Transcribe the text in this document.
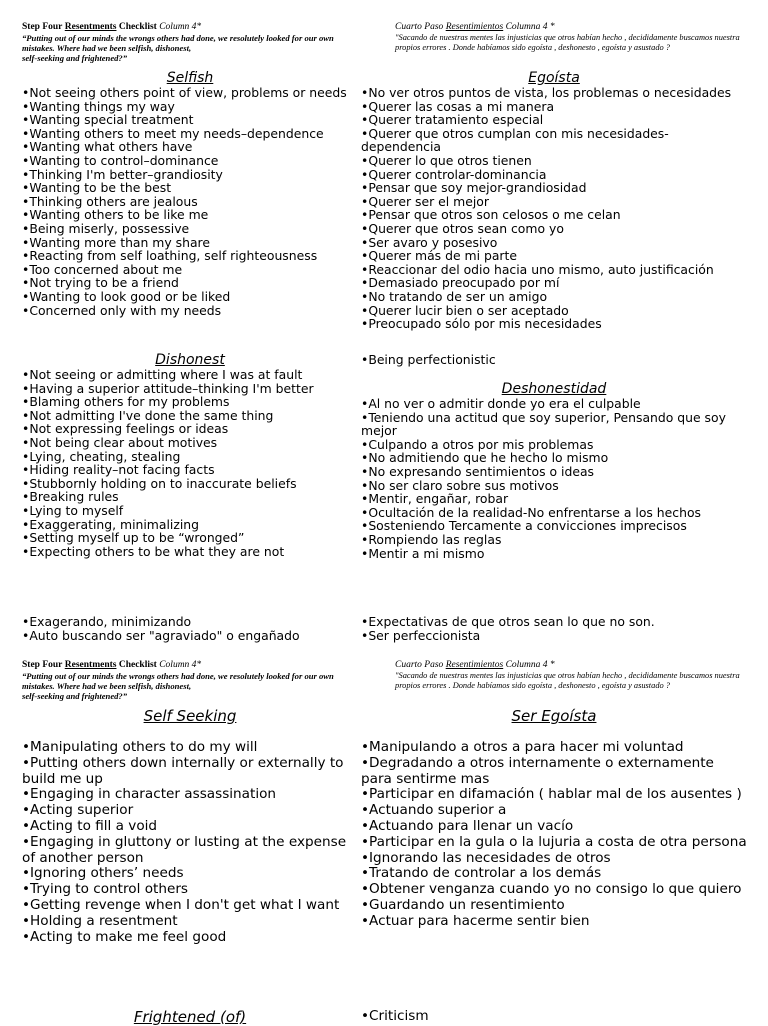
Step Four Resentments Checklist Column 4*
“Putting out of our minds the wrongs others had done, we resolutely looked for our own mistakes. Where had we been selfish, dishonest,
self-seeking and frightened?”
Cuarto Paso Resentimientos Columna 4 *
"Sacando de nuestras mentes las injusticias que otros habían hecho , decididamente buscamos nuestra propios errores . Donde habíamos sido egoísta , deshonesto , egoísta y asustado ?
Selfish
• Not seeing others point of view, problems or needs
• Wanting things my way
• Wanting special treatment
• Wanting others to meet my needs–dependence
• Wanting what others have
• Wanting to control–dominance
• Thinking I'm better–grandiosity
• Wanting to be the best
• Thinking others are jealous
• Wanting others to be like me
• Being miserly, possessive
• Wanting more than my share
• Reacting from self loathing, self righteousness
• Too concerned about me
• Not trying to be a friend
• Wanting to look good or be liked
• Concerned only with my needs
Egoísta
• No ver otros puntos de vista, los problemas o necesidades
• Querer las cosas a mi manera
• Querer tratamiento especial
• Querer que otros cumplan con mis necesidades-dependencia
• Querer lo que otros tienen
• Querer controlar-dominancia
• Pensar que soy mejor-grandiosidad
• Querer ser el mejor
• Pensar que otros son celosos o me celan
• Querer que otros sean como yo
• Ser avaro y posesivo
• Querer más de mi parte
• Reaccionar del odio hacia uno mismo, auto justificación
• Demasiado preocupado por mí
• No tratando de ser un amigo
• Querer lucir bien o ser aceptado
• Preocupado sólo por mis necesidades
• Being perfectionistic
Dishonest
• Not seeing or admitting where I was at fault
• Having a superior attitude–thinking I'm better
• Blaming others for my problems
• Not admitting I've done the same thing
• Not expressing feelings or ideas
• Not being clear about motives
• Lying, cheating, stealing
• Hiding reality–not facing facts
• Stubbornly holding on to inaccurate beliefs
• Breaking rules
• Lying to myself
• Exaggerating, minimalizing
• Setting myself up to be “wronged”
• Expecting others to be what they are not
Deshonestidad
• Al no ver o admitir donde yo era el culpable
• Teniendo una actitud que soy superior, Pensando que soy mejor
• Culpando a otros por mis problemas
• No admitiendo que he hecho lo mismo
• No expresando sentimientos o ideas
• No ser claro sobre sus motivos
• Mentir, engañar, robar
• Ocultación de la realidad-No enfrentarse a los hechos
• Sosteniendo Tercamente a convicciones imprecisos
• Rompiendo las reglas
• Mentir a mi mismo
• Exagerando, minimizando
• Auto buscando ser "agraviado" o engañado
• Expectativas de que otros sean lo que no son.
• Ser perfeccionista
Step Four Resentments Checklist Column 4*
“Putting out of our minds the wrongs others had done, we resolutely looked for our own mistakes. Where had we been selfish, dishonest,
self-seeking and frightened?”
Cuarto Paso Resentimientos Columna 4 *
"Sacando de nuestras mentes las injusticias que otros habían hecho , decididamente buscamos nuestra propios errores . Donde habíamos sido egoísta , deshonesto , egoísta y asustado ?
Self Seeking
• Manipulating others to do my will
• Putting others down internally or externally to build me up
• Engaging in character assassination
• Acting superior
• Acting to fill a void
• Engaging in gluttony or lusting at the expense of another person
• Ignoring others’ needs
• Trying to control others
• Getting revenge when I don't get what I want
• Holding a resentment
• Acting to make me feel good
Ser Egoísta
• Manipulando a otros a para hacer mi voluntad
• Degradando a otros internamente o externamente para sentirme mas
• Participar en difamación ( hablar mal de los ausentes )
• Actuando superior a
• Actuando para llenar un vacío
• Participar en la gula o la lujuria a costa de otra persona
• Ignorando las necesidades de otros
• Tratando de controlar a los demás
• Obtener venganza cuando yo no consigo lo que quiero
• Guardando un resentimiento
• Actuar para hacerme sentir bien
Frightened (of)
•	Criticism
